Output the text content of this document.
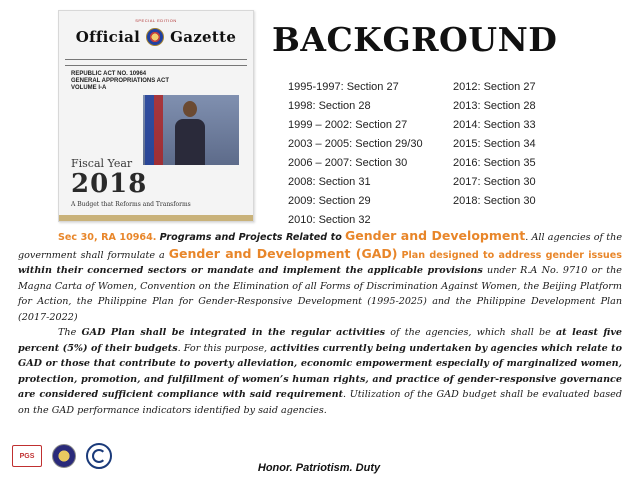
SPECIAL EDITION
Official Gazette
REPUBLIC ACT NO. 10964
GENERAL APPROPRIATIONS ACT
VOLUME I-A
Fiscal Year
2018
A Budget that Reforms and Transforms
BACKGROUND
1995-1997: Section 27
1998: Section 28
1999 – 2002: Section 27
2003 – 2005: Section 29/30
2006 – 2007: Section 30
2008: Section 31
2009: Section 29
2010: Section 32
2012: Section 27
2013: Section 28
2014: Section 33
2015: Section 34
2016: Section 35
2017: Section 30
2018: Section 30

Sec 30, RA 10964. Programs and Projects Related to Gender and Development. All agencies of the government shall formulate a Gender and Development (GAD) Plan designed to address gender issues within their concerned sectors or mandate and implement the applicable provisions under R.A No. 9710 or the Magna Carta of Women, Convention on the Elimination of all Forms of Discrimination Against Women, the Beijing Platform for Action, the Philippine Plan for Gender-Responsive Development (1995-2025) and the Philippine Development Plan (2017-2022)

The GAD Plan shall be integrated in the regular activities of the agencies, which shall be at least five percent (5%) of their budgets. For this purpose, activities currently being undertaken by agencies which relate to GAD or those that contribute to poverty alleviation, economic empowerment especially of marginalized women, protection, promotion, and fulfillment of women’s human rights, and practice of gender-responsive governance are considered sufficient compliance with said requirement. Utilization of the GAD budget shall be evaluated based on the GAD performance indicators identified by said agencies.

PGS
Honor. Patriotism. Duty
